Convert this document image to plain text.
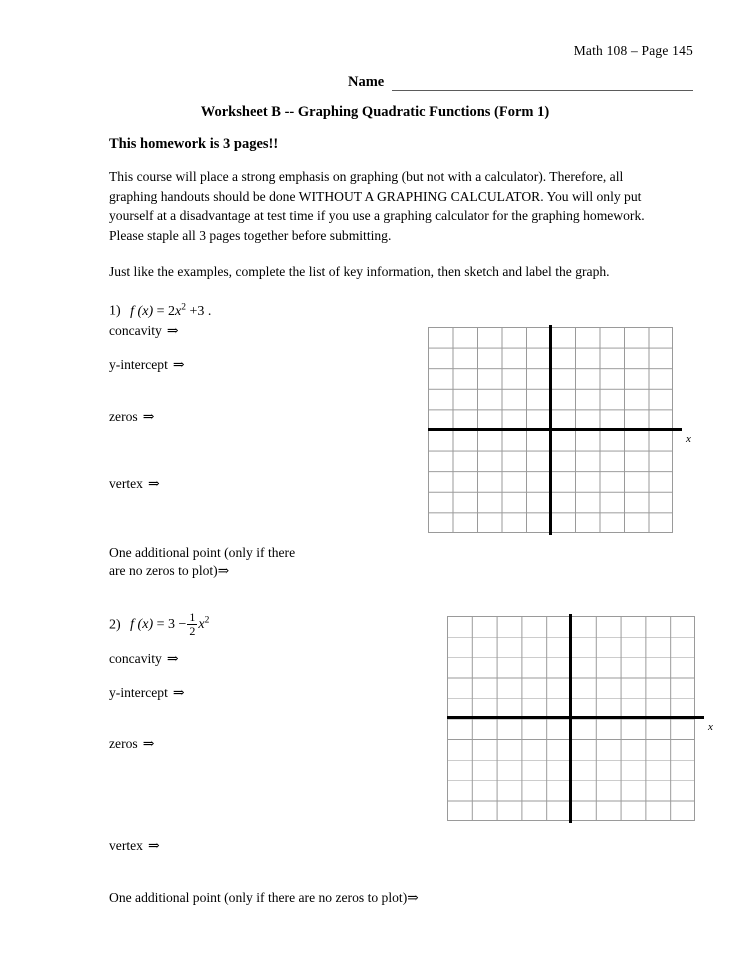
Math 108 – Page 145
Name
Worksheet B -- Graphing Quadratic Functions (Form 1)
This homework is 3 pages!!
This course will place a strong emphasis on graphing (but not with a calculator). Therefore, all graphing handouts should be done WITHOUT A GRAPHING CALCULATOR. You will only put yourself at a disadvantage at test time if you use a graphing calculator for the graphing homework. Please staple all 3 pages together before submitting.
Just like the examples, complete the list of key information, then sketch and label the graph.
1) f $(x) = 2x^2 +3$ .
concavity ⇒
y-intercept ⇒
zeros ⇒
vertex ⇒
One additional point (only if there
are no zeros to plot)⇒
x
2) f $(x) = 3 - \frac{1}{2} x^2$
concavity ⇒
y-intercept ⇒
zeros ⇒
vertex ⇒
One additional point (only if there are no zeros to plot)⇒
x
